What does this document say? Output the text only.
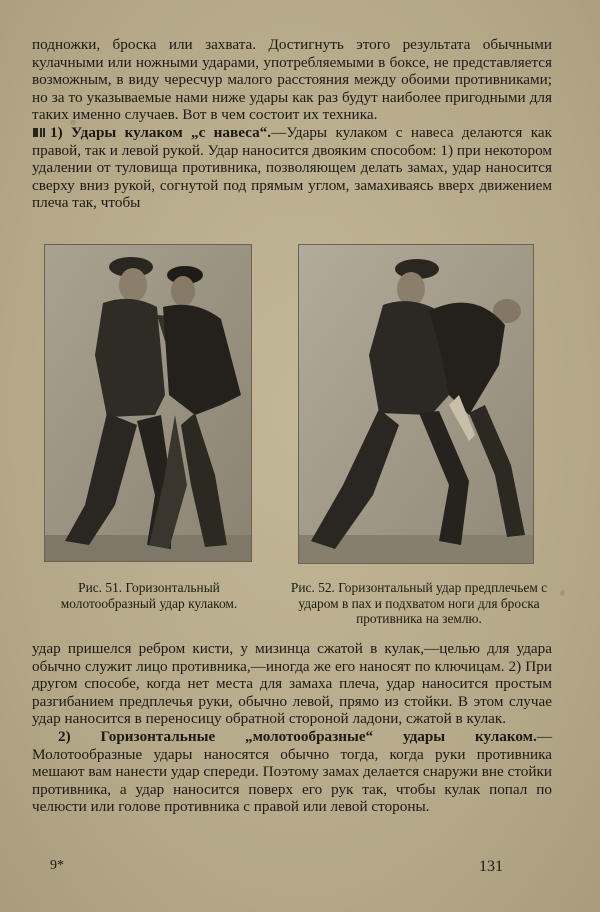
подножки, броска или захвата. Достигнуть этого результата обычными кулачными или ножными ударами, употребляемыми в боксе, не представляется возможным, в виду чересчур малого расстояния между обоими противниками; но за то указываемые нами ниже удары как раз будут наиболее пригодными для таких именно случаев. Вот в чем состоит их техника.

1) Удары кулаком „с навеса“.—Удары кулаком с навеса делаются как правой, так и левой рукой. Удар наносится двояким способом: 1) при некотором удалении от туловища противника, позволяющем делать замах, удар наносится сверху вниз рукой, согнутой под прямым углом, замахиваясь вверх движением плеча так, чтобы

Рис. 51. Горизонтальный молотообразный удар кулаком.
Рис. 52. Горизонтальный удар предплечьем с ударом в пах и подхватом ноги для броска противника на землю.

удар пришелся ребром кисти, у мизинца сжатой в кулак,—целью для удара обычно служит лицо противника,—иногда же его наносят по ключицам. 2) При другом способе, когда нет места для замаха плеча, удар наносится простым разгибанием предплечья руки, обычно левой, прямо из стойки. В этом случае удар наносится в переносицу обратной стороной ладони, сжатой в кулак.

2) Горизонтальные „молотообразные“ удары кулаком.— Молотообразные удары наносятся обычно тогда, когда руки противника мешают вам нанести удар спереди. Поэтому замах делается снаружи вне стойки противника, а удар наносится поверх его рук так, чтобы кулак попал по челюсти или голове противника с правой или левой стороны.

9*	131
